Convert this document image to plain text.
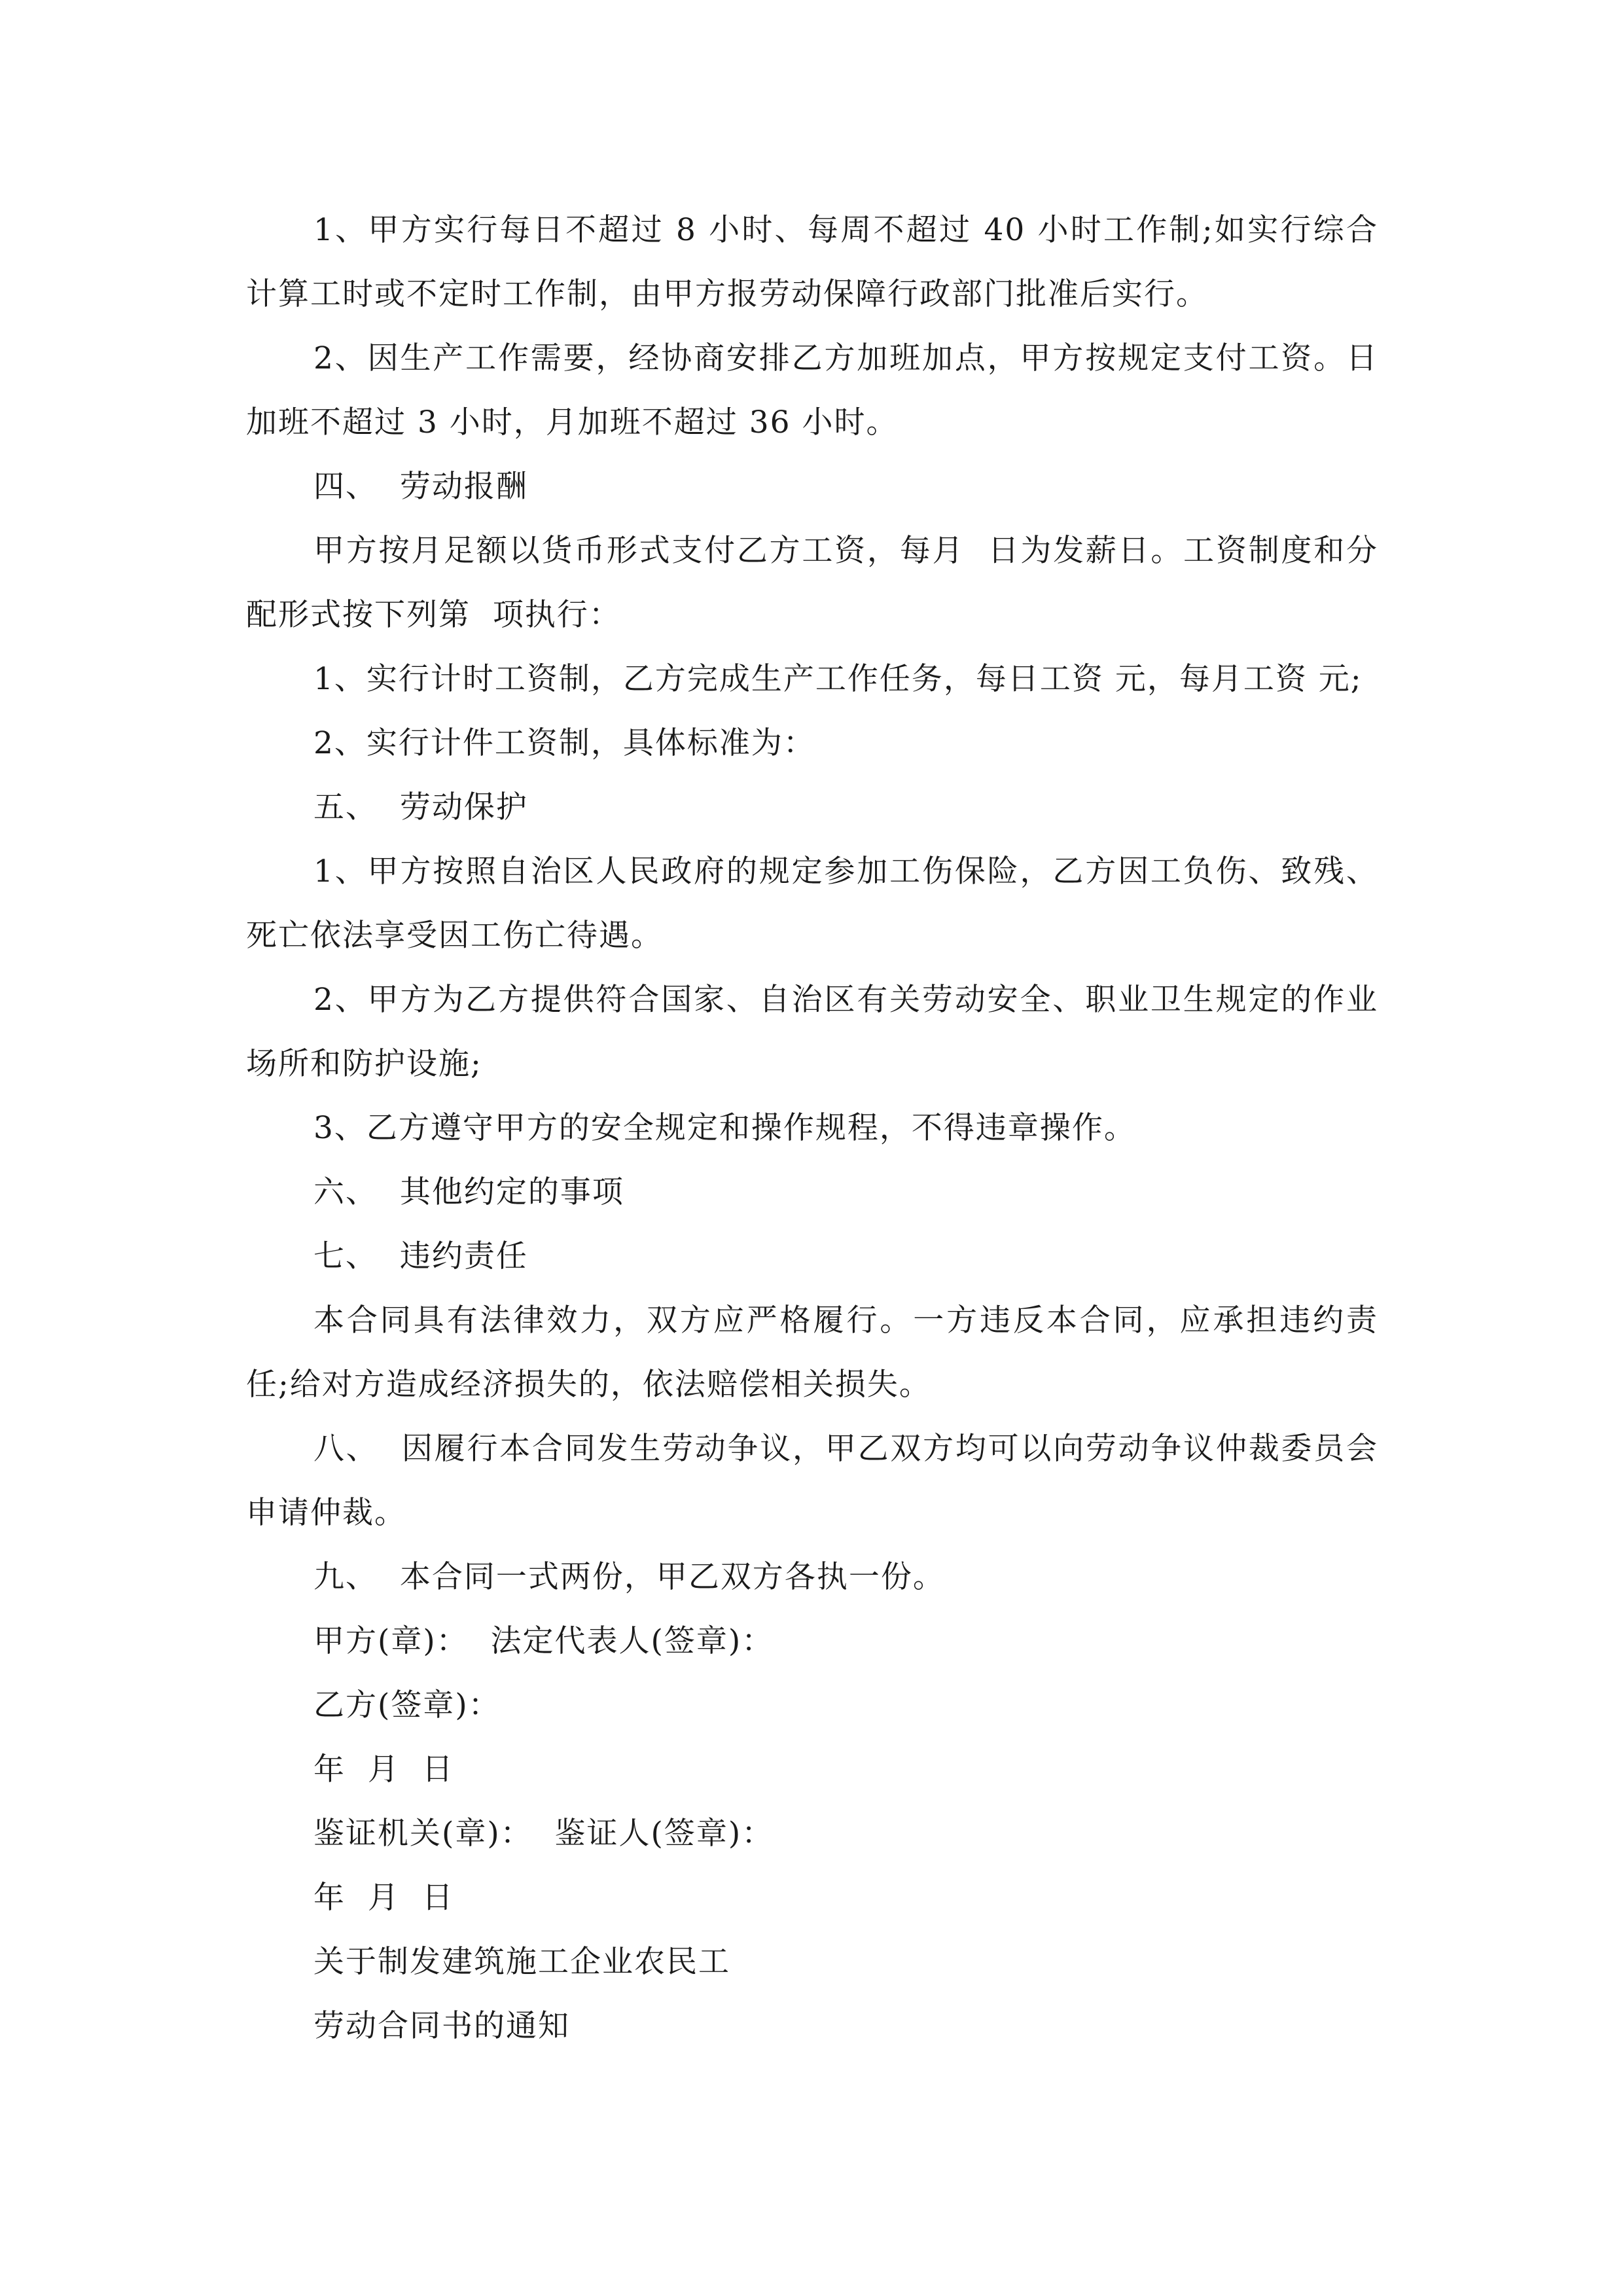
1、甲方实行每日不超过 8 小时、每周不超过 40 小时工作制;如实行综合计算工时或不定时工作制，由甲方报劳动保障行政部门批准后实行。

2、因生产工作需要，经协商安排乙方加班加点，甲方按规定支付工资。日加班不超过 3 小时，月加班不超过 36 小时。

四、  劳动报酬

甲方按月足额以货币形式支付乙方工资，每月  日为发薪日。工资制度和分配形式按下列第  项执行：

1、实行计时工资制，乙方完成生产工作任务，每日工资 元，每月工资 元;

2、实行计件工资制，具体标准为：

五、  劳动保护

1、甲方按照自治区人民政府的规定参加工伤保险，乙方因工负伤、致残、死亡依法享受因工伤亡待遇。

2、甲方为乙方提供符合国家、自治区有关劳动安全、职业卫生规定的作业场所和防护设施;

3、乙方遵守甲方的安全规定和操作规程，不得违章操作。

六、  其他约定的事项

七、  违约责任

本合同具有法律效力，双方应严格履行。一方违反本合同，应承担违约责任;给对方造成经济损失的，依法赔偿相关损失。

八、  因履行本合同发生劳动争议，甲乙双方均可以向劳动争议仲裁委员会申请仲裁。

九、  本合同一式两份，甲乙双方各执一份。

甲方(章)：  法定代表人(签章)：

乙方(签章)：

年  月  日

鉴证机关(章)：  鉴证人(签章)：

年  月  日

关于制发建筑施工企业农民工

劳动合同书的通知
